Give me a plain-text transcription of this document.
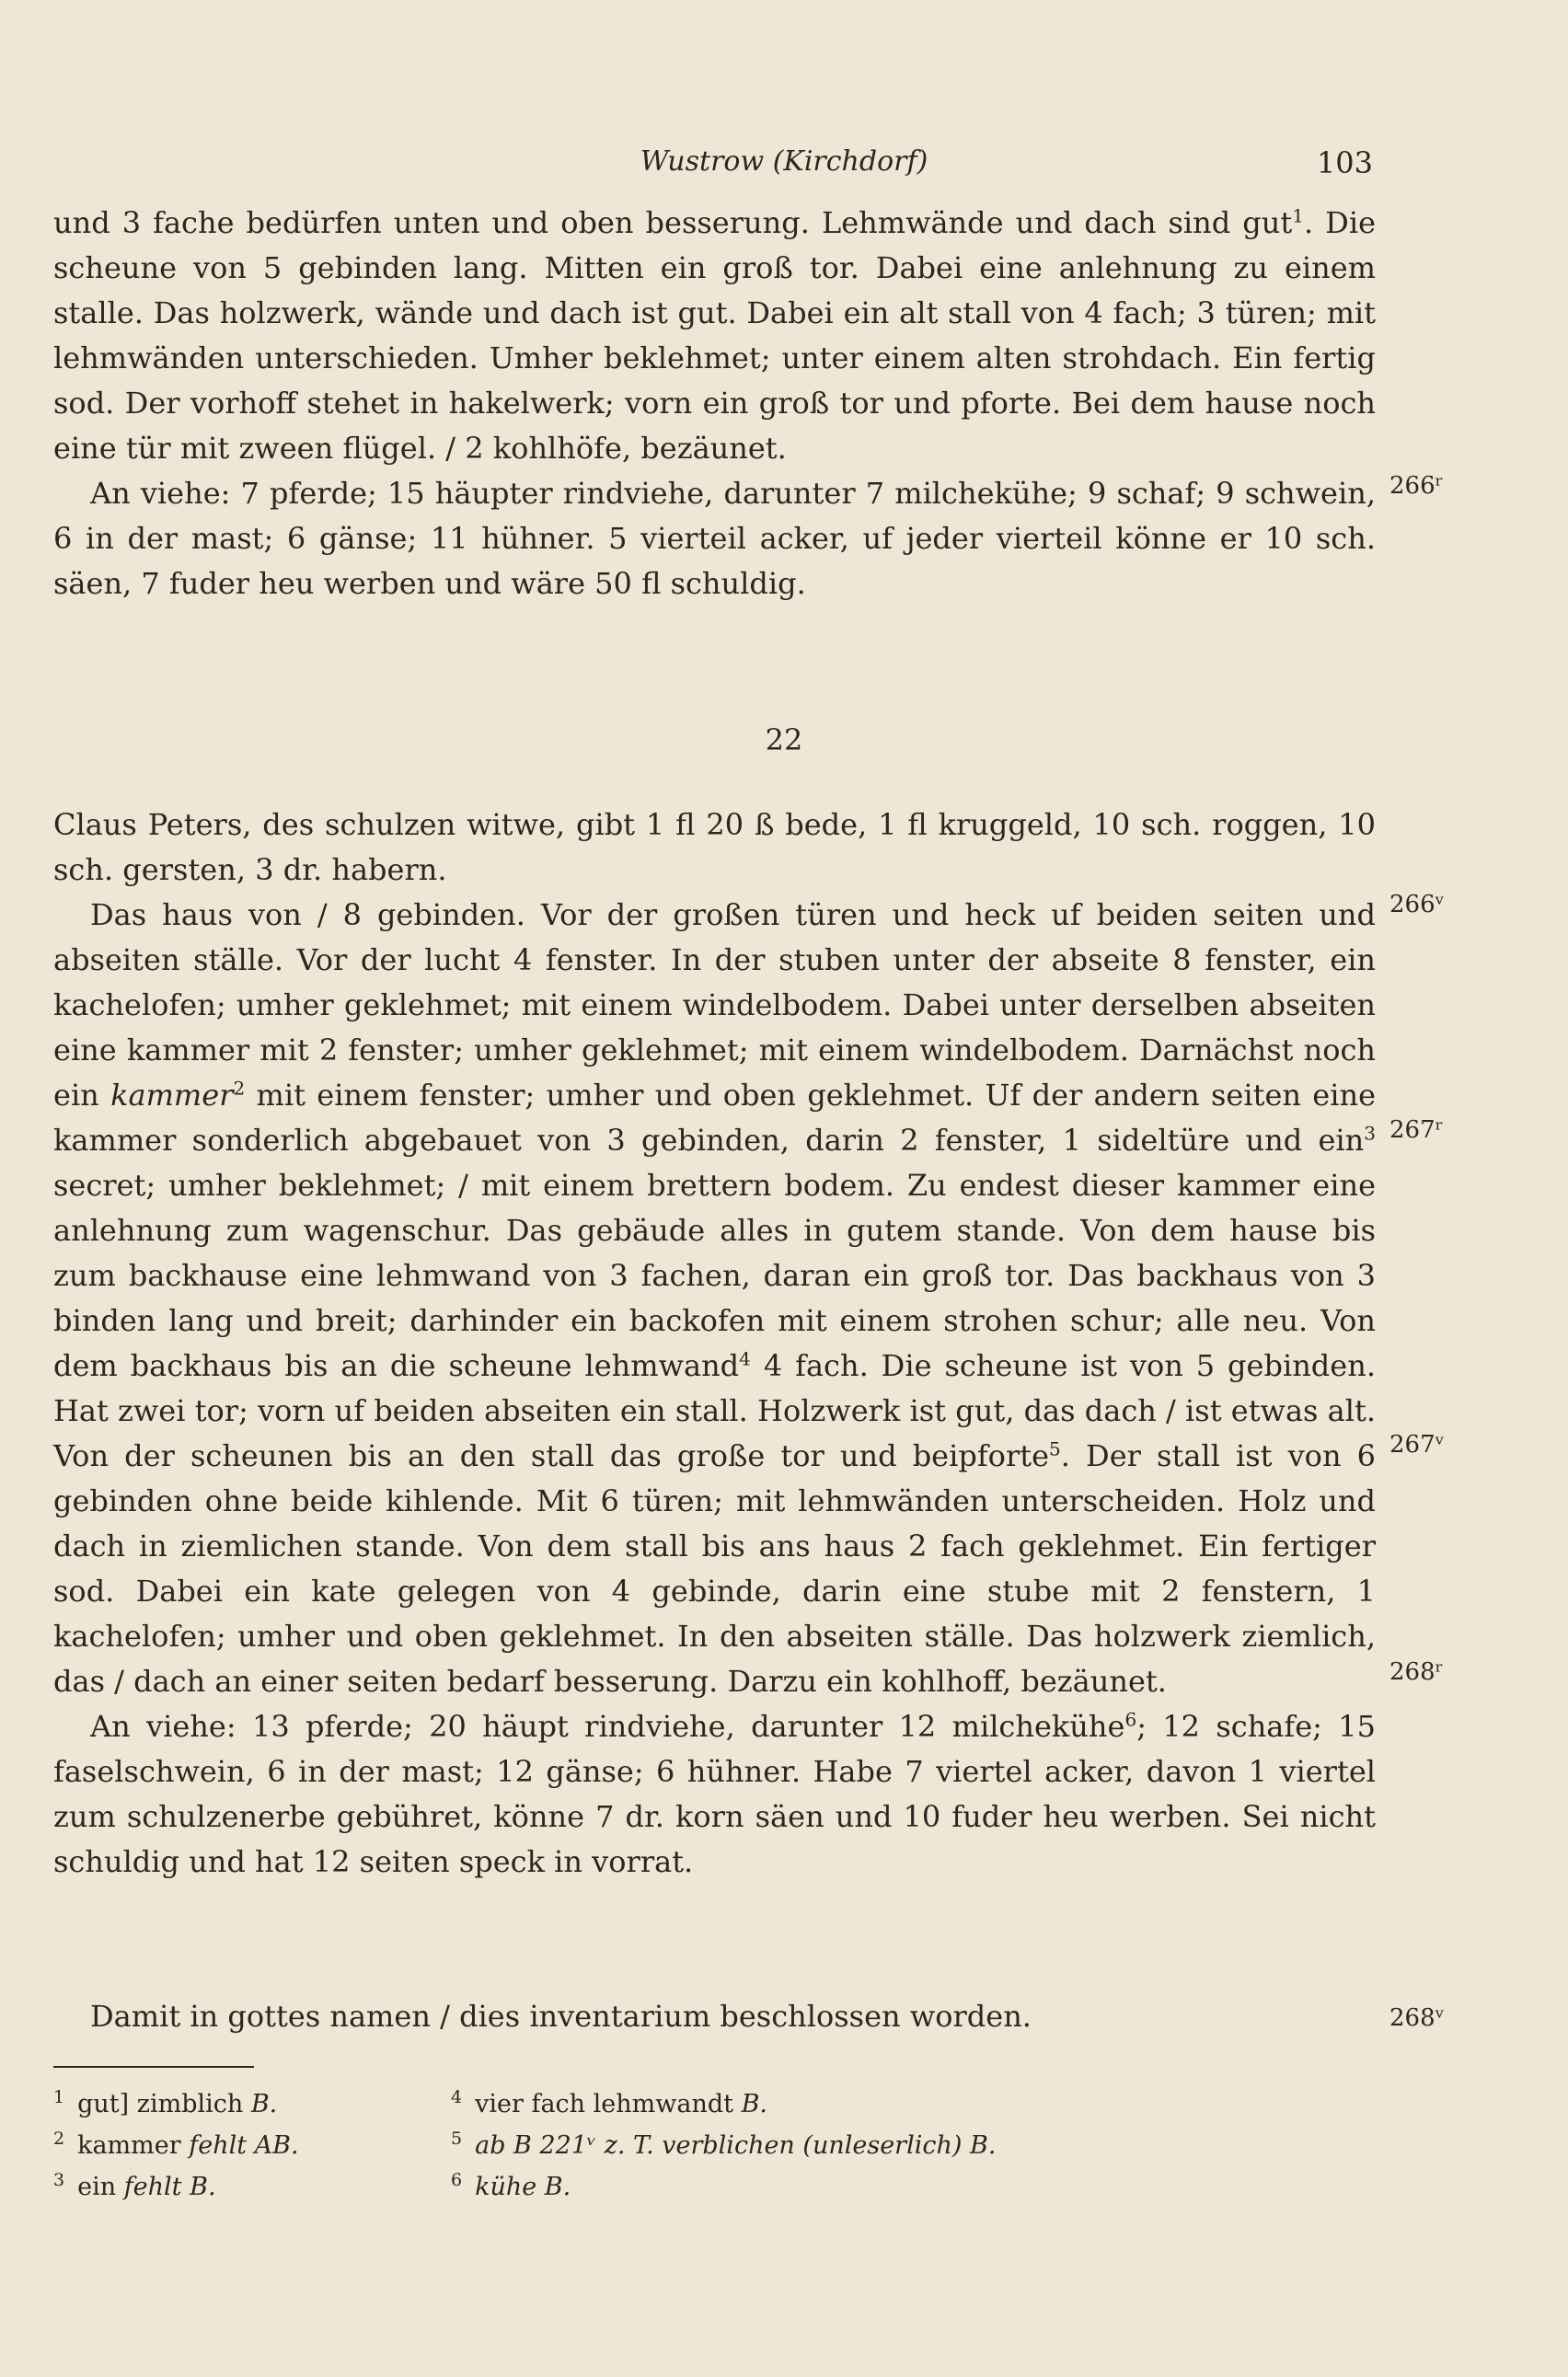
Wustrow (Kirchdorf)	103

und 3 fache bedürfen unten und oben besserung. Lehmwände und dach sind gut$^1$. Die scheune von 5 gebinden lang. Mitten ein groß tor. Dabei eine anlehnung zu einem stalle. Das holzwerk, wände und dach ist gut. Dabei ein alt stall von 4 fach; 3 türen; mit lehmwänden unterschieden. Umher beklehmet; unter einem alten strohdach. Ein fertig sod. Der vorhoff stehet in hakelwerk; vorn ein groß tor und pforte. Bei dem hause noch eine tür mit zween flügel. / 2 kohlhöfe, bezäunet.

An viehe: 7 pferde; 15 häupter rindviehe, darunter 7 milchekühe; 9 schaf; 9 schwein, 6 in der mast; 6 gänse; 11 hühner. 5 vierteil acker, uf jeder vierteil könne er 10 sch. säen, 7 fuder heu werben und wäre 50 fl schuldig.

266ʳ
22

Claus Peters, des schulzen witwe, gibt 1 fl 20 ß bede, 1 fl kruggeld, 10 sch. roggen, 10 sch. gersten, 3 dr. habern.

Das haus von / 8 gebinden. Vor der großen türen und heck uf beiden seiten und abseiten ställe. Vor der lucht 4 fenster. In der stuben unter der abseite 8 fenster, ein kachelofen; umher geklehmet; mit einem windelbodem. Dabei unter derselben abseiten eine kammer mit 2 fenster; umher geklehmet; mit einem windelbodem. Darnächst noch ein kammer$^2$ mit einem fenster; umher und oben geklehmet. Uf der andern seiten eine kammer sonderlich abgebauet von 3 gebinden, darin 2 fenster, 1 sideltüre und ein$^3$ secret; umher beklehmet; / mit einem brettern bodem. Zu endest dieser kammer eine anlehnung zum wagenschur. Das gebäude alles in gutem stande. Von dem hause bis zum backhause eine lehmwand von 3 fachen, daran ein groß tor. Das backhaus von 3 binden lang und breit; darhinder ein backofen mit einem strohen schur; alle neu. Von dem backhaus bis an die scheune lehmwand$^4$ 4 fach. Die scheune ist von 5 gebinden. Hat zwei tor; vorn uf beiden abseiten ein stall. Holzwerk ist gut, das dach / ist etwas alt. Von der scheunen bis an den stall das große tor und beipforte$^5$. Der stall ist von 6 gebinden ohne beide kihlende. Mit 6 türen; mit lehmwänden unterscheiden. Holz und dach in ziemlichen stande. Von dem stall bis ans haus 2 fach geklehmet. Ein fertiger sod. Dabei ein kate gelegen von 4 gebinde, darin eine stube mit 2 fenstern, 1 kachelofen; umher und oben geklehmet. In den abseiten ställe. Das holzwerk ziemlich, das / dach an einer seiten bedarf besserung. Darzu ein kohlhoff, bezäunet.

An viehe: 13 pferde; 20 häupt rindviehe, darunter 12 milchekühe$^6$; 12 schafe; 15 faselschwein, 6 in der mast; 12 gänse; 6 hühner. Habe 7 viertel acker, davon 1 viertel zum schulzenerbe gebühret, könne 7 dr. korn säen und 10 fuder heu werben. Sei nicht schuldig und hat 12 seiten speck in vorrat.

266ᵛ
267ʳ
267ᵛ
268ʳ
Damit in gottes namen / dies inventarium beschlossen worden.	268ᵛ
$^1$ gut] zimblich B.
$^2$ kammer fehlt AB.
$^3$ ein fehlt B.
$^4$ vier fach lehmwandt B.
$^5$ ab B 221ᵛ z. T. verblichen (unleserlich) B.
$^6$ kühe B.
